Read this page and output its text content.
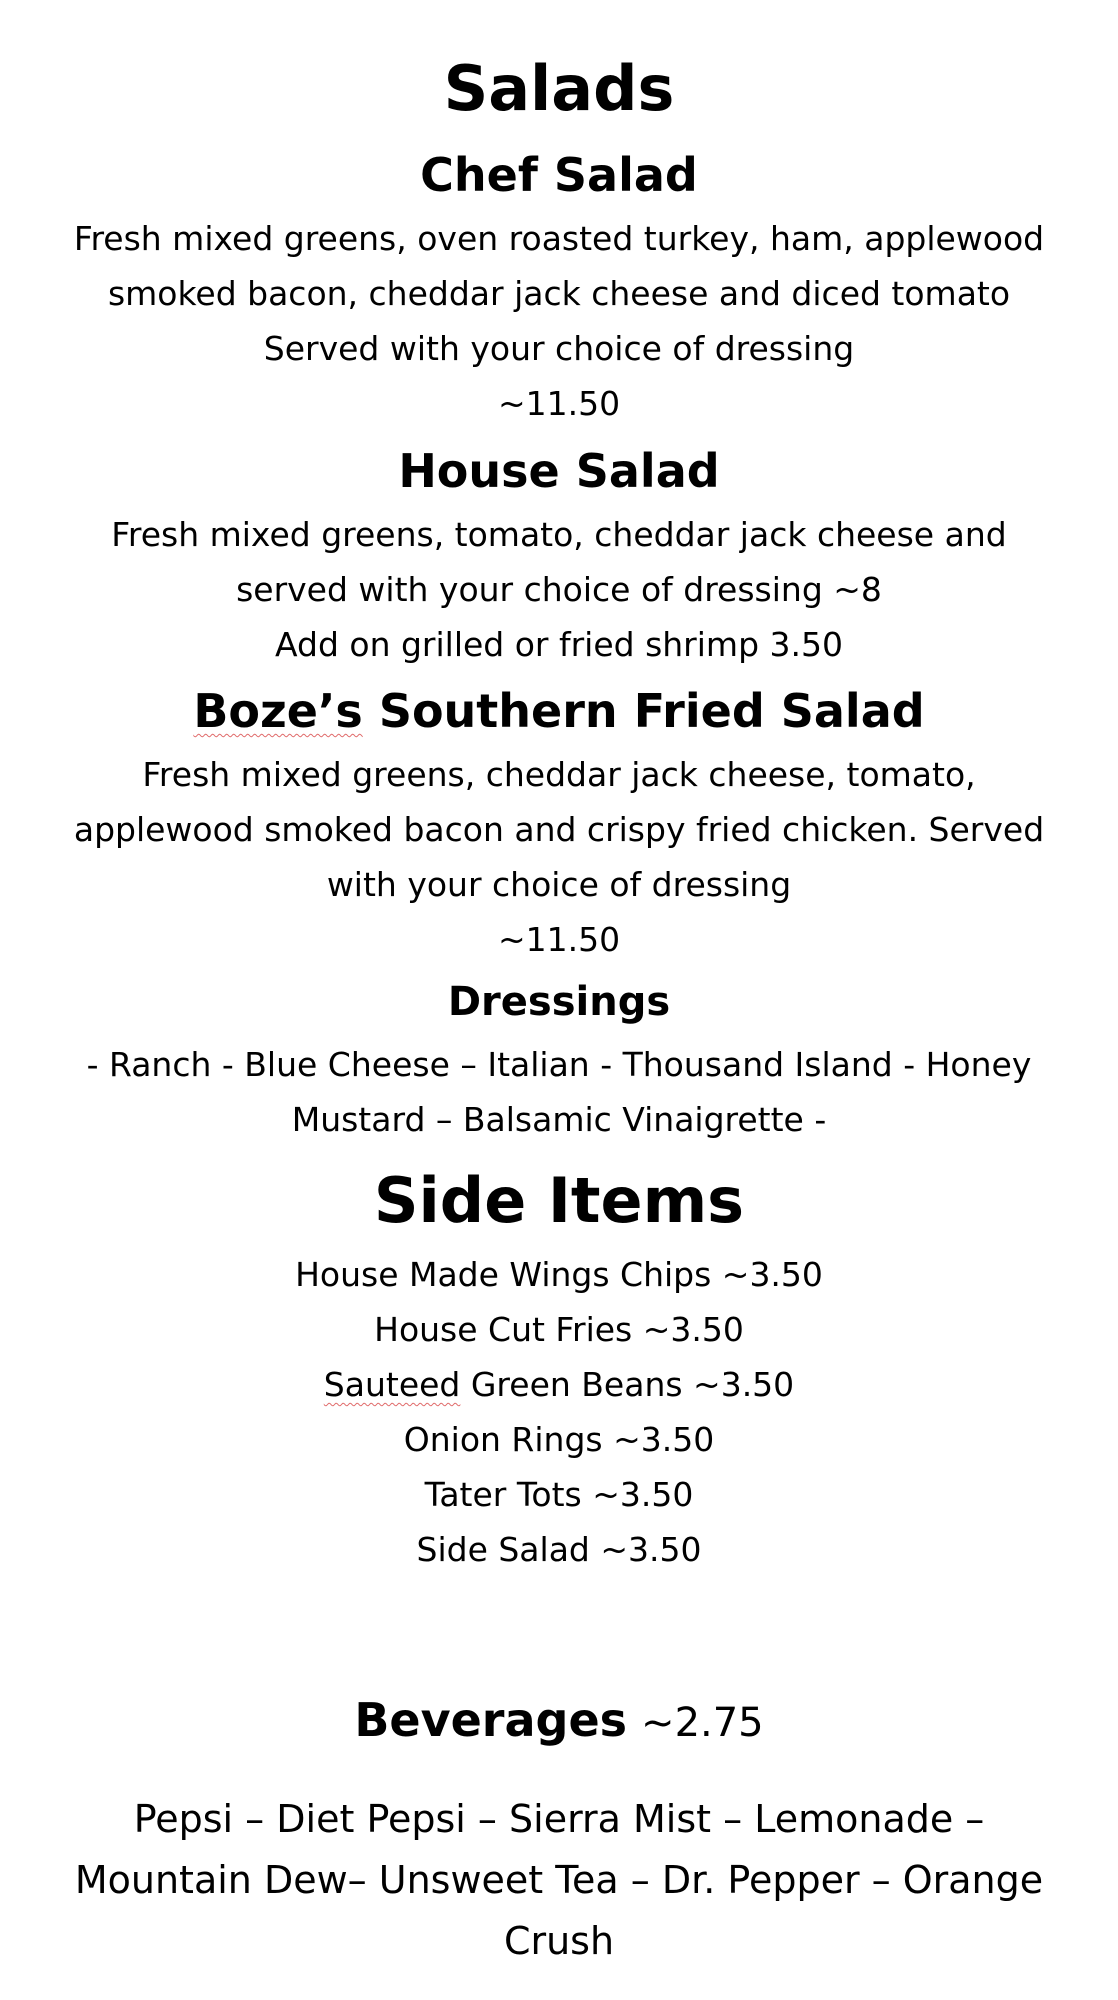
Salads
Chef Salad
Fresh mixed greens, oven roasted turkey, ham, applewood
smoked bacon, cheddar jack cheese and diced tomato
Served with your choice of dressing
~11.50
House Salad
Fresh mixed greens, tomato, cheddar jack cheese and
served with your choice of dressing ~8
Add on grilled or fried shrimp 3.50
Boze’s Southern Fried Salad
Fresh mixed greens, cheddar jack cheese, tomato,
applewood smoked bacon and crispy fried chicken. Served
with your choice of dressing
~11.50
Dressings
- Ranch - Blue Cheese – Italian - Thousand Island - Honey
Mustard – Balsamic Vinaigrette -
Side Items
House Made Wings Chips ~3.50
House Cut Fries ~3.50
Sauteed Green Beans ~3.50
Onion Rings ~3.50
Tater Tots ~3.50
Side Salad ~3.50
Beverages ~2.75
Pepsi – Diet Pepsi – Sierra Mist – Lemonade –
Mountain Dew– Unsweet Tea – Dr. Pepper – Orange
Crush
